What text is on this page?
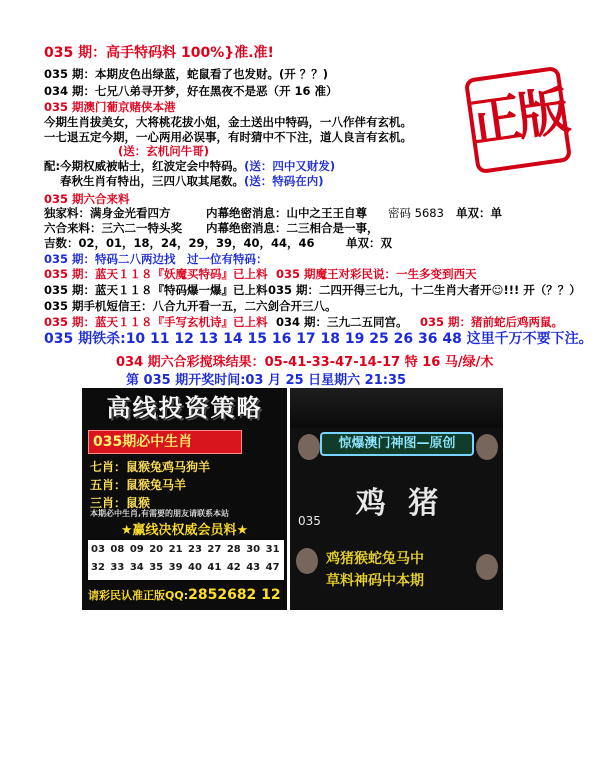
035 期：高手特码料 100%}准.准!
035 期：本期皮色出绿蓝，蛇鼠看了也发财。(开 ？？)
034 期：七兄八弟寻开梦，好在黑夜不是恶（开 16 准） 正版
035 期澳门葡京赌侠本港
今期生肖拔美女，大将桃花拔小姐，金土送出中特码，一八作伴有玄机。
一七退五定今期，一心两用必误事，有时猜中不下注，道人良言有玄机。
(送：玄机问牛哥)
配:今期权威被帖士，红波定会中特码。(送：四中又财发)
春秋生肖有特出，三四八取其尾数。(送：特码在内)
035 期六合来料
独家料：满身金光看四方	内幕绝密消息：山中之王王自尊 密码 5683 单双：单
六合来料：三六二一特头奖 内幕绝密消息：二三相合是一事，
吉数：02，01，18，24，29，39，40，44，46	单双：双
035 期：特码二八两边找　过一位有特码：
035 期：蓝天１１８『妖魔买特码』已上料 035 期魔王对彩民说：一生多变到西天
035 期：蓝天１１８『特码爆一爆』已上料 035 期：二四开得三七九，十二生肖大者开☺!!! 开（？？）
035 期手机短信王：八合九开看一五，二六剑合开三八。
035 期：蓝天１１８『手写玄机诗』已上料 034 期：三九二五同宫。 035 期：猪前蛇后鸡两鼠。
035 期铁杀:10 11 12 13 14 15 16 17 18 19 25 26 36 48 这里千万不要下注。
034 期六合彩搅珠结果：05-41-33-47-14-17 特 16 马/绿/木
第 035 期开奖时间:03 月 25 日星期六 21:35
高线投资策略
035期必中生肖
七肖：鼠猴兔鸡马狗羊
五肖：鼠猴兔马羊
三肖：鼠猴
本期必中生肖,有需要的朋友请联系本站
★赢线决权威会员料★
03 08 09 20 21 23 27 28 30 31
32 33 34 35 39 40 41 42 43 47
请彩民认准正版QQ:2852682 12
惊爆澳门神图—原创
鸡 猪
035
鸡猪猴蛇兔马中
草料神码中本期
